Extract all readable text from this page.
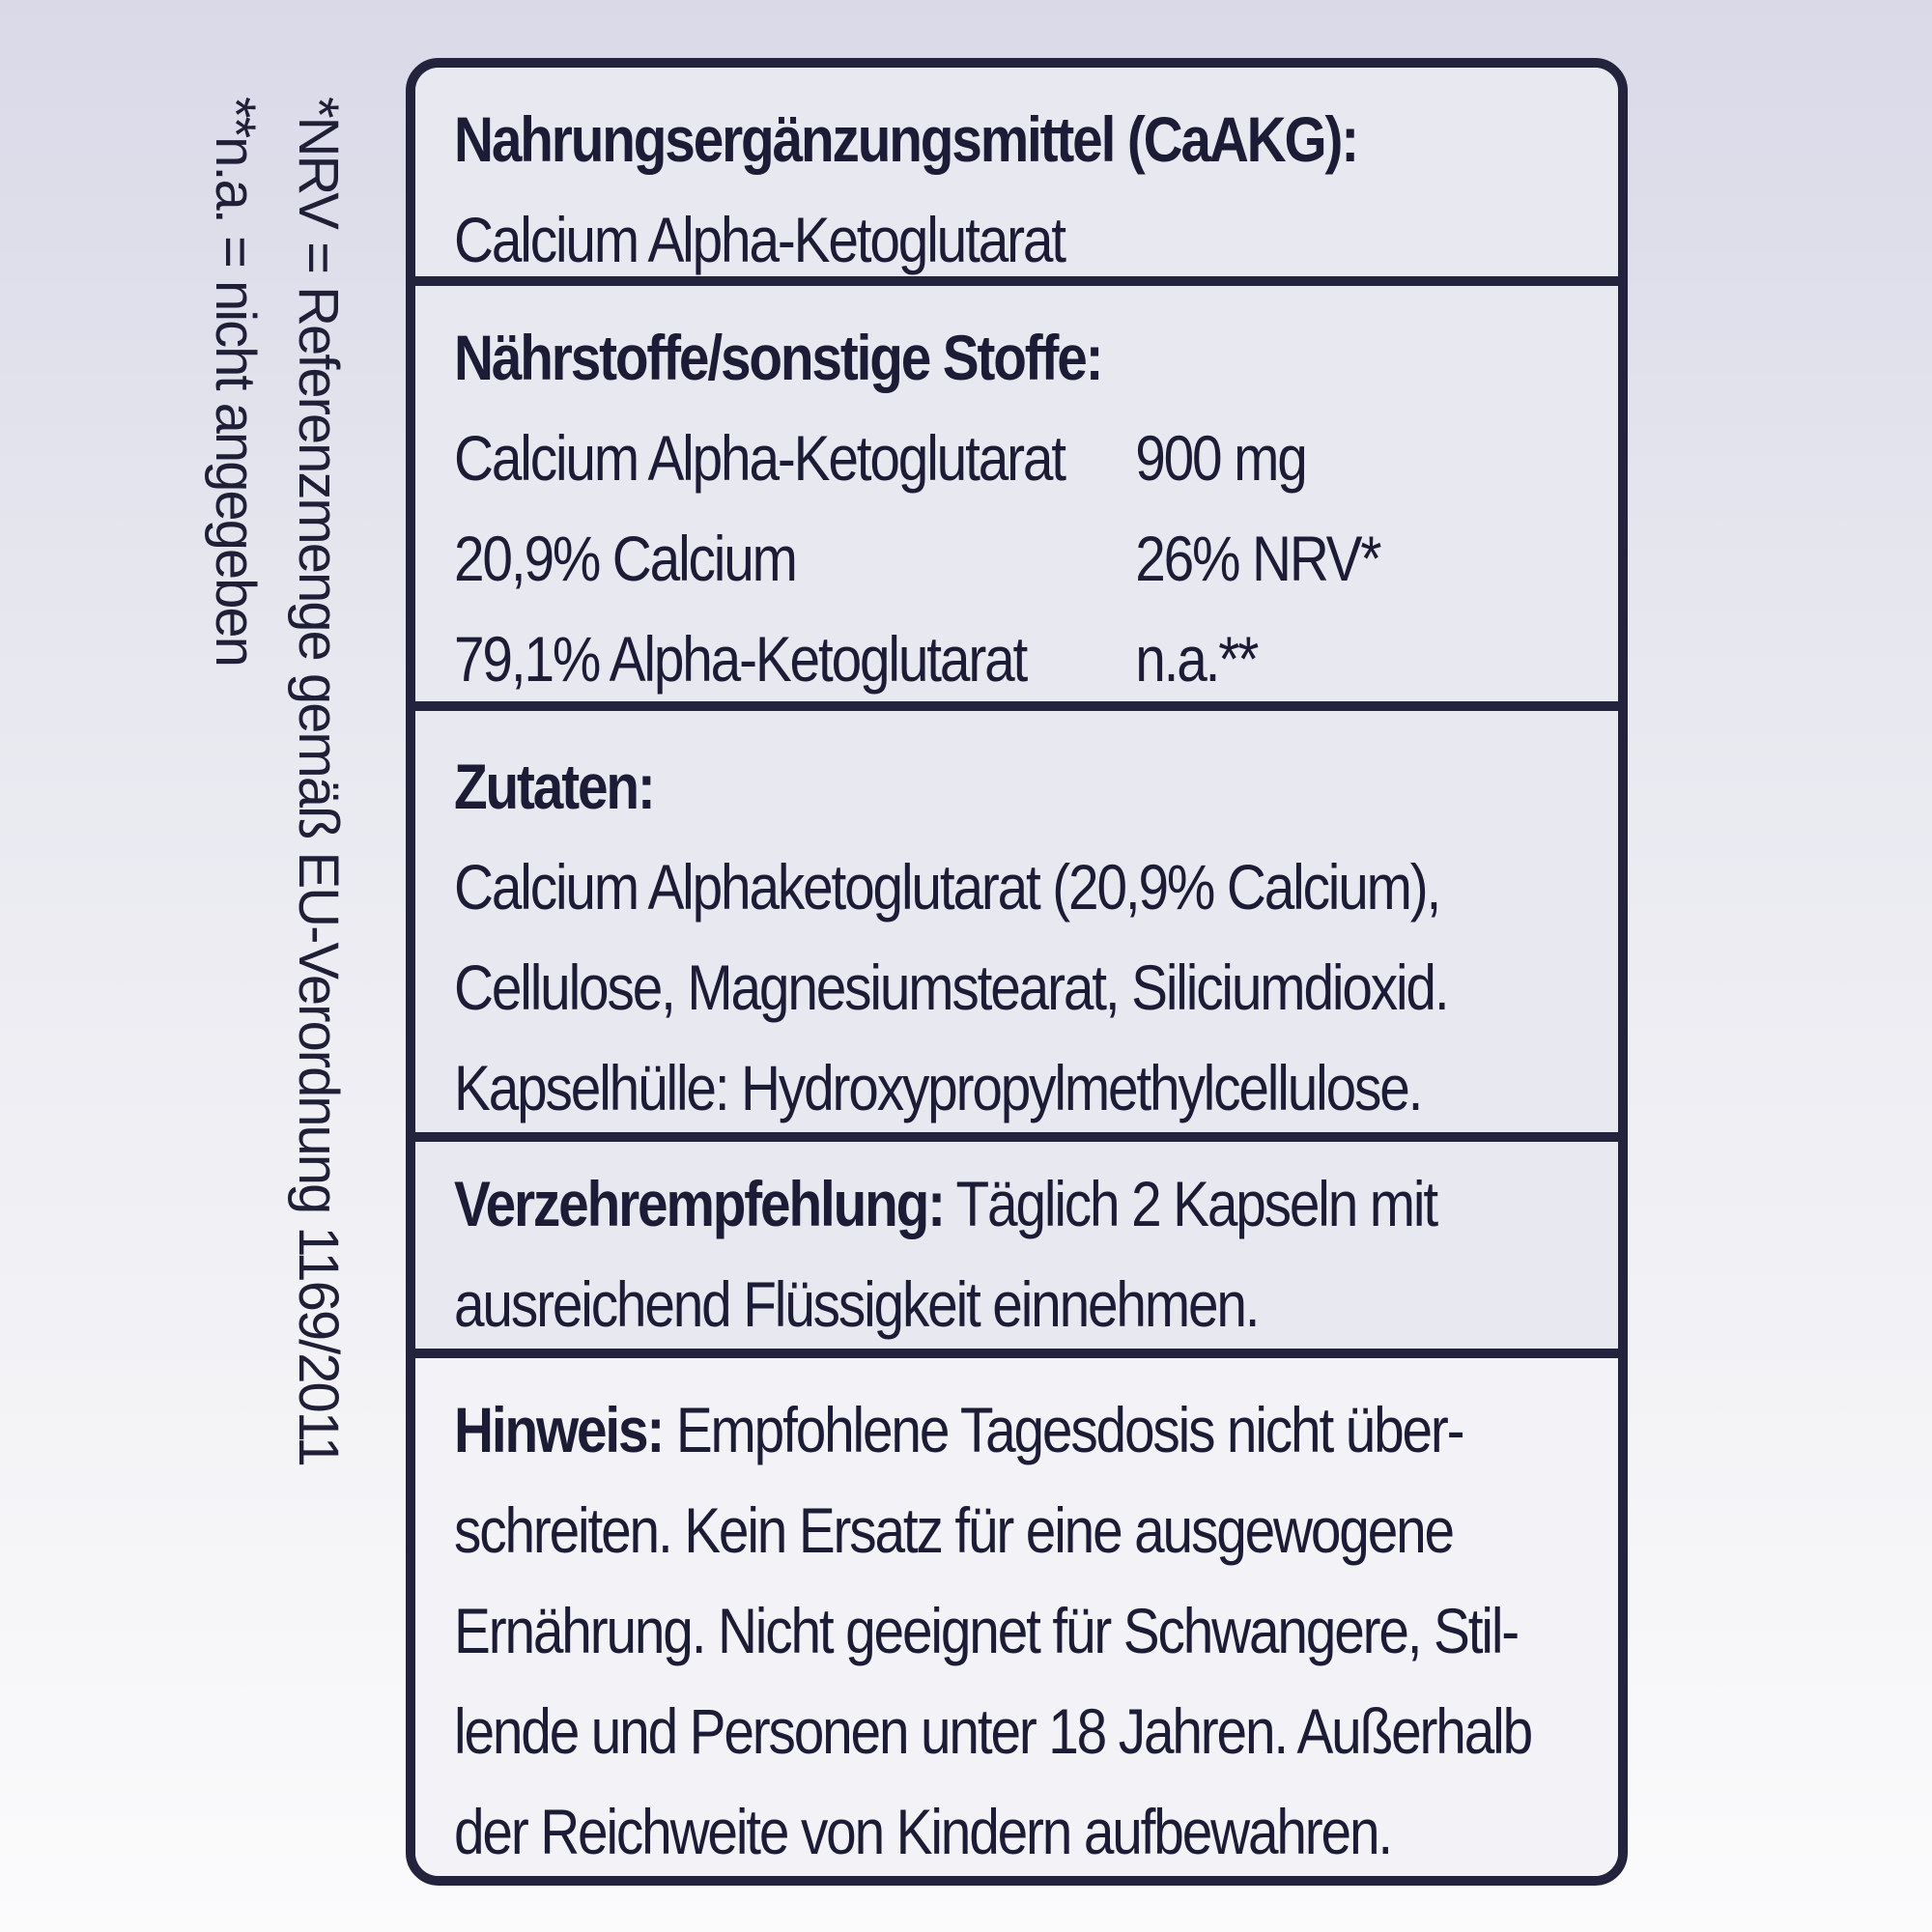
*NRV = Referenzmenge gemäß EU-Verordnung 1169/2011
**n.a. = nicht angegeben	Nahrungsergänzungsmittel (CaAKG):
Calcium Alpha-Ketoglutarat
Nährstoffe/sonstige Stoffe:
Calcium Alpha-Ketoglutarat	900 mg
20,9% Calcium	26% NRV*
79,1% Alpha-Ketoglutarat	n.a.**
Zutaten:
Calcium Alphaketoglutarat (20,9% Calcium),
Cellulose, Magnesiumstearat, Siliciumdioxid.
Kapselhülle: Hydroxypropylmethylcellulose.
Verzehrempfehlung: Täglich 2 Kapseln mit
ausreichend Flüssigkeit einnehmen.
Hinweis: Empfohlene Tagesdosis nicht über-
schreiten. Kein Ersatz für eine ausgewogene
Ernährung. Nicht geeignet für Schwangere, Stil-
lende und Personen unter 18 Jahren. Außerhalb
der Reichweite von Kindern aufbewahren.
